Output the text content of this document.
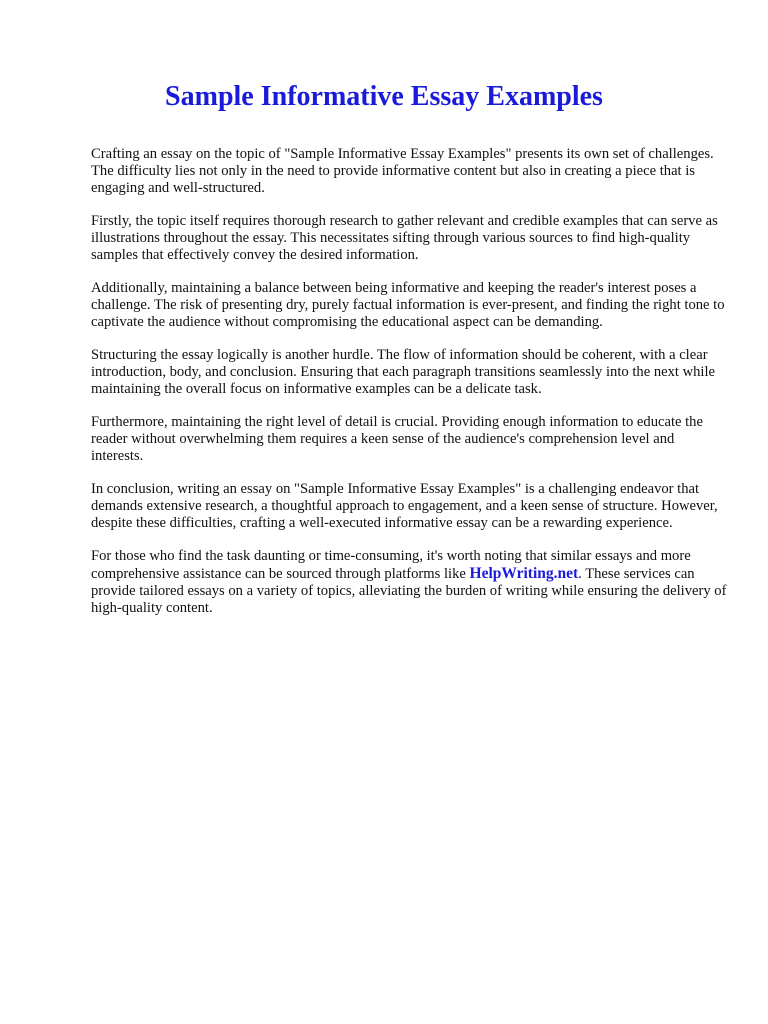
Sample Informative Essay Examples

Crafting an essay on the topic of "Sample Informative Essay Examples" presents its own set of challenges. The difficulty lies not only in the need to provide informative content but also in creating a piece that is engaging and well-structured.

Firstly, the topic itself requires thorough research to gather relevant and credible examples that can serve as illustrations throughout the essay. This necessitates sifting through various sources to find high-quality samples that effectively convey the desired information.

Additionally, maintaining a balance between being informative and keeping the reader's interest poses a challenge. The risk of presenting dry, purely factual information is ever-present, and finding the right tone to captivate the audience without compromising the educational aspect can be demanding.

Structuring the essay logically is another hurdle. The flow of information should be coherent, with a clear introduction, body, and conclusion. Ensuring that each paragraph transitions seamlessly into the next while maintaining the overall focus on informative examples can be a delicate task.

Furthermore, maintaining the right level of detail is crucial. Providing enough information to educate the reader without overwhelming them requires a keen sense of the audience's comprehension level and interests.

In conclusion, writing an essay on "Sample Informative Essay Examples" is a challenging endeavor that demands extensive research, a thoughtful approach to engagement, and a keen sense of structure. However, despite these difficulties, crafting a well-executed informative essay can be a rewarding experience.

For those who find the task daunting or time-consuming, it's worth noting that similar essays and more comprehensive assistance can be sourced through platforms like HelpWriting.net. These services can provide tailored essays on a variety of topics, alleviating the burden of writing while ensuring the delivery of high-quality content.
